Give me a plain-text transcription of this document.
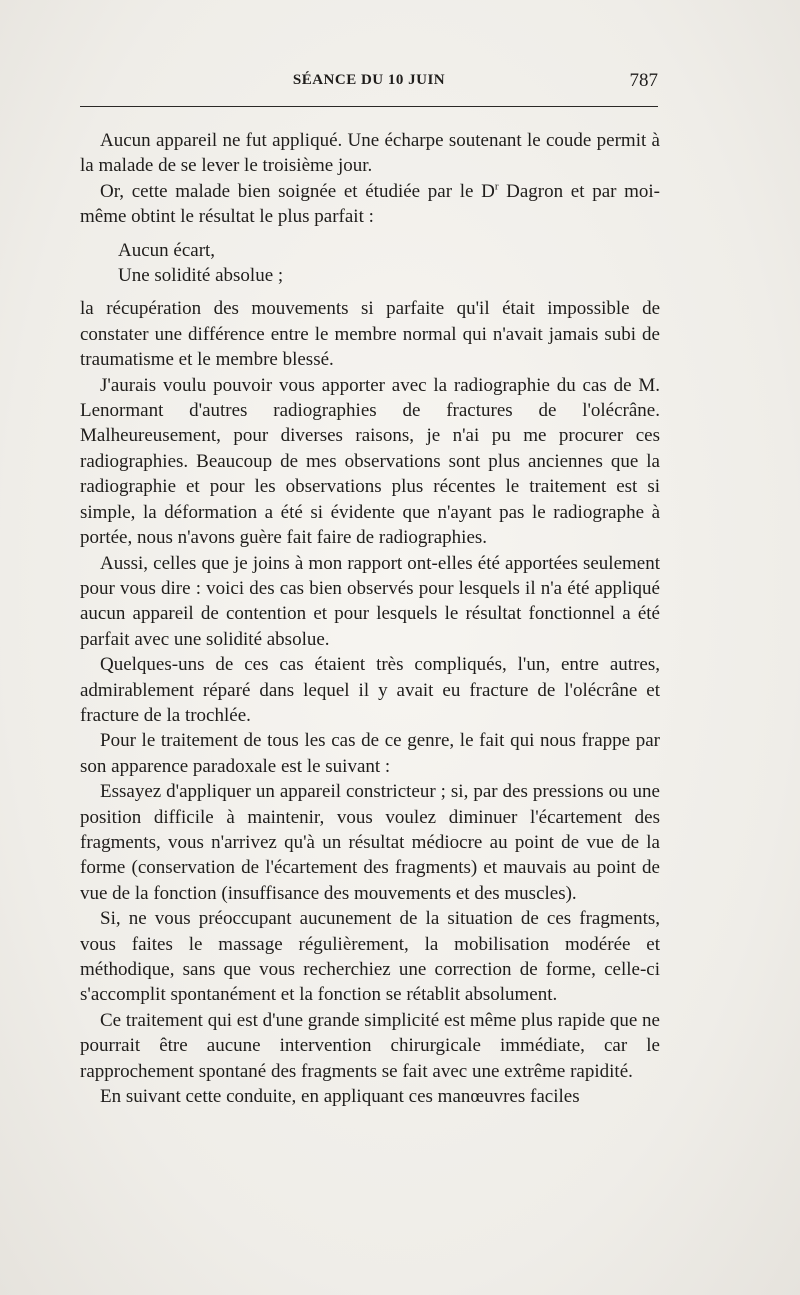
SÉANCE DU 10 JUIN	787

Aucun appareil ne fut appliqué. Une écharpe soutenant le coude permit à la malade de se lever le troisième jour.

Or, cette malade bien soignée et étudiée par le $D^r$ Dagron et par moi-même obtint le résultat le plus parfait :

Aucun écart,
Une solidité absolue ;

la récupération des mouvements si parfaite qu'il était impossible de constater une différence entre le membre normal qui n'avait jamais subi de traumatisme et le membre blessé.

J'aurais voulu pouvoir vous apporter avec la radiographie du cas de M. Lenormant d'autres radiographies de fractures de l'olécrâne. Malheureusement, pour diverses raisons, je n'ai pu me procurer ces radiographies. Beaucoup de mes observations sont plus anciennes que la radiographie et pour les observations plus récentes le traitement est si simple, la déformation a été si évidente que n'ayant pas le radiographe à portée, nous n'avons guère fait faire de radiographies.

Aussi, celles que je joins à mon rapport ont-elles été apportées seulement pour vous dire : voici des cas bien observés pour lesquels il n'a été appliqué aucun appareil de contention et pour lesquels le résultat fonctionnel a été parfait avec une solidité absolue.

Quelques-uns de ces cas étaient très compliqués, l'un, entre autres, admirablement réparé dans lequel il y avait eu fracture de l'olécrâne et fracture de la trochlée.

Pour le traitement de tous les cas de ce genre, le fait qui nous frappe par son apparence paradoxale est le suivant :

Essayez d'appliquer un appareil constricteur ; si, par des pressions ou une position difficile à maintenir, vous voulez diminuer l'écartement des fragments, vous n'arrivez qu'à un résultat médiocre au point de vue de la forme (conservation de l'écartement des fragments) et mauvais au point de vue de la fonction (insuffisance des mouvements et des muscles).

Si, ne vous préoccupant aucunement de la situation de ces fragments, vous faites le massage régulièrement, la mobilisation modérée et méthodique, sans que vous recherchiez une correction de forme, celle-ci s'accomplit spontanément et la fonction se rétablit absolument.

Ce traitement qui est d'une grande simplicité est même plus rapide que ne pourrait être aucune intervention chirurgicale immédiate, car le rapprochement spontané des fragments se fait avec une extrême rapidité.

En suivant cette conduite, en appliquant ces manœuvres faciles
